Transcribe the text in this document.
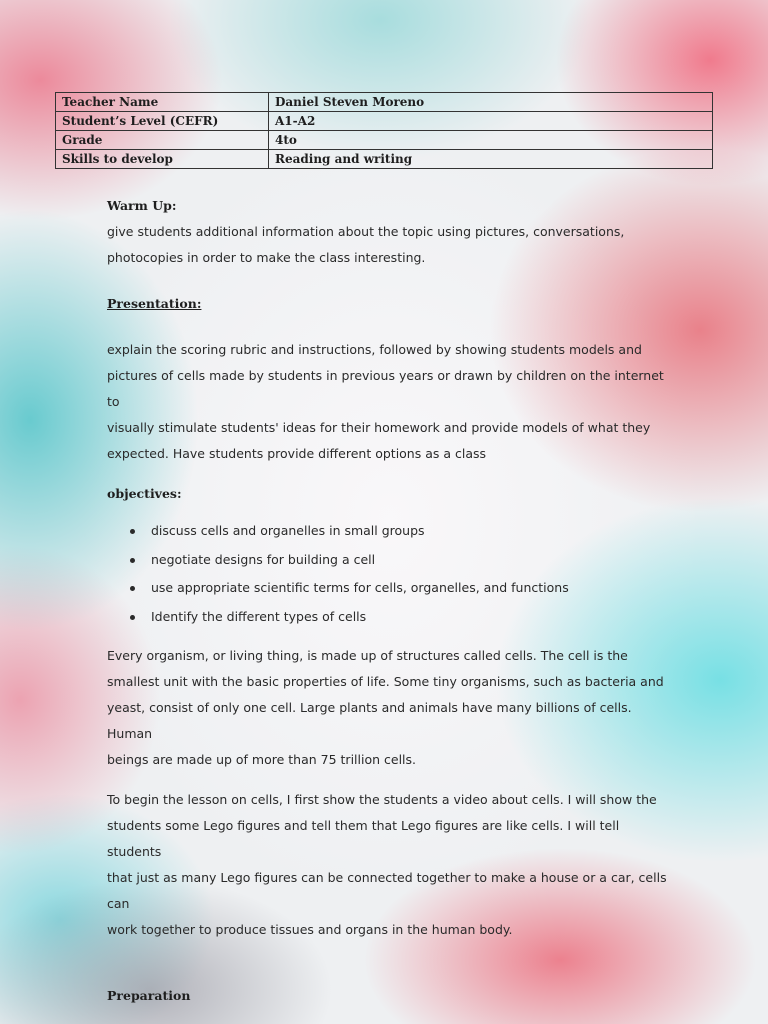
Teacher Name	Daniel Steven Moreno
Student’s Level (CEFR)	A1-A2
Grade	4to
Skills to develop	Reading and writing
Warm Up:
give students additional information about the topic using pictures, conversations,
photocopies in order to make the class interesting.
Presentation:
explain the scoring rubric and instructions, followed by showing students models and
pictures of cells made by students in previous years or drawn by children on the internet to
visually stimulate students' ideas for their homework and provide models of what they
expected. Have students provide different options as a class
objectives:
discuss cells and organelles in small groups
negotiate designs for building a cell
use appropriate scientific terms for cells, organelles, and functions
Identify the different types of cells
Every organism, or living thing, is made up of structures called cells. The cell is the
smallest unit with the basic properties of life. Some tiny organisms, such as bacteria and
yeast, consist of only one cell. Large plants and animals have many billions of cells. Human
beings are made up of more than 75 trillion cells.
To begin the lesson on cells, I first show the students a video about cells. I will show the
students some Lego figures and tell them that Lego figures are like cells. I will tell students
that just as many Lego figures can be connected together to make a house or a car, cells can
work together to produce tissues and organs in the human body.
Preparation
